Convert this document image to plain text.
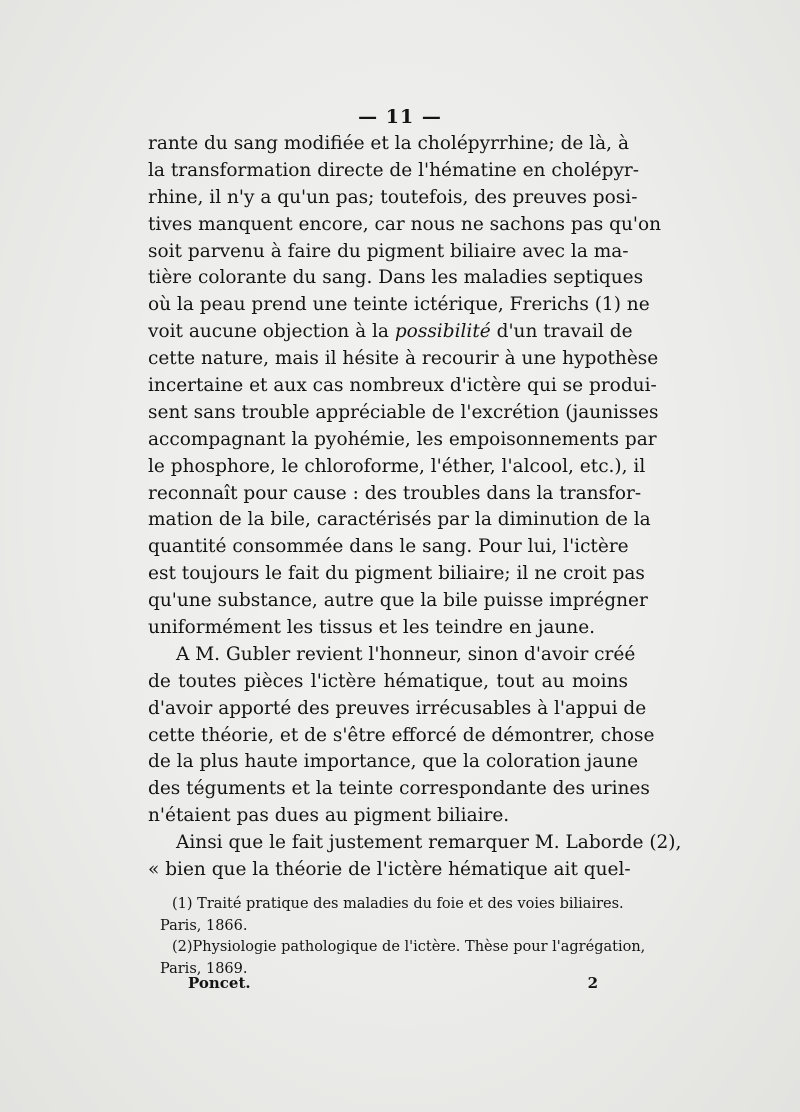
— 11 —
rante du sang modifiée et la cholépyrrhine; de là, à
la transformation directe de l'hématine en cholépyr-
rhine, il n'y a qu'un pas; toutefois, des preuves posi-
tives manquent encore, car nous ne sachons pas qu'on
soit parvenu à faire du pigment biliaire avec la ma-
tière colorante du sang. Dans les maladies septiques
où la peau prend une teinte ictérique, Frerichs (1) ne
voit aucune objection à la possibilité d'un travail de
cette nature, mais il hésite à recourir à une hypothèse
incertaine et aux cas nombreux d'ictère qui se produi-
sent sans trouble appréciable de l'excrétion (jaunisses
accompagnant la pyohémie, les empoisonnements par
le phosphore, le chloroforme, l'éther, l'alcool, etc.), il
reconnaît pour cause : des troubles dans la transfor-
mation de la bile, caractérisés par la diminution de la
quantité consommée dans le sang. Pour lui, l'ictère
est toujours le fait du pigment biliaire; il ne croit pas
qu'une substance, autre que la bile puisse imprégner
uniformément les tissus et les teindre en jaune.
A M. Gubler revient l'honneur, sinon d'avoir créé
de toutes pièces l'ictère hématique, tout au moins
d'avoir apporté des preuves irrécusables à l'appui de
cette théorie, et de s'être efforcé de démontrer, chose
de la plus haute importance, que la coloration jaune
des téguments et la teinte correspondante des urines
n'étaient pas dues au pigment biliaire.
Ainsi que le fait justement remarquer M. Laborde (2),
« bien que la théorie de l'ictère hématique ait quel-
(1) Traité pratique des maladies du foie et des voies biliaires.
Paris, 1866.
(2)Physiologie pathologique de l'ictère. Thèse pour l'agrégation,
Paris, 1869.
Poncet.	2
